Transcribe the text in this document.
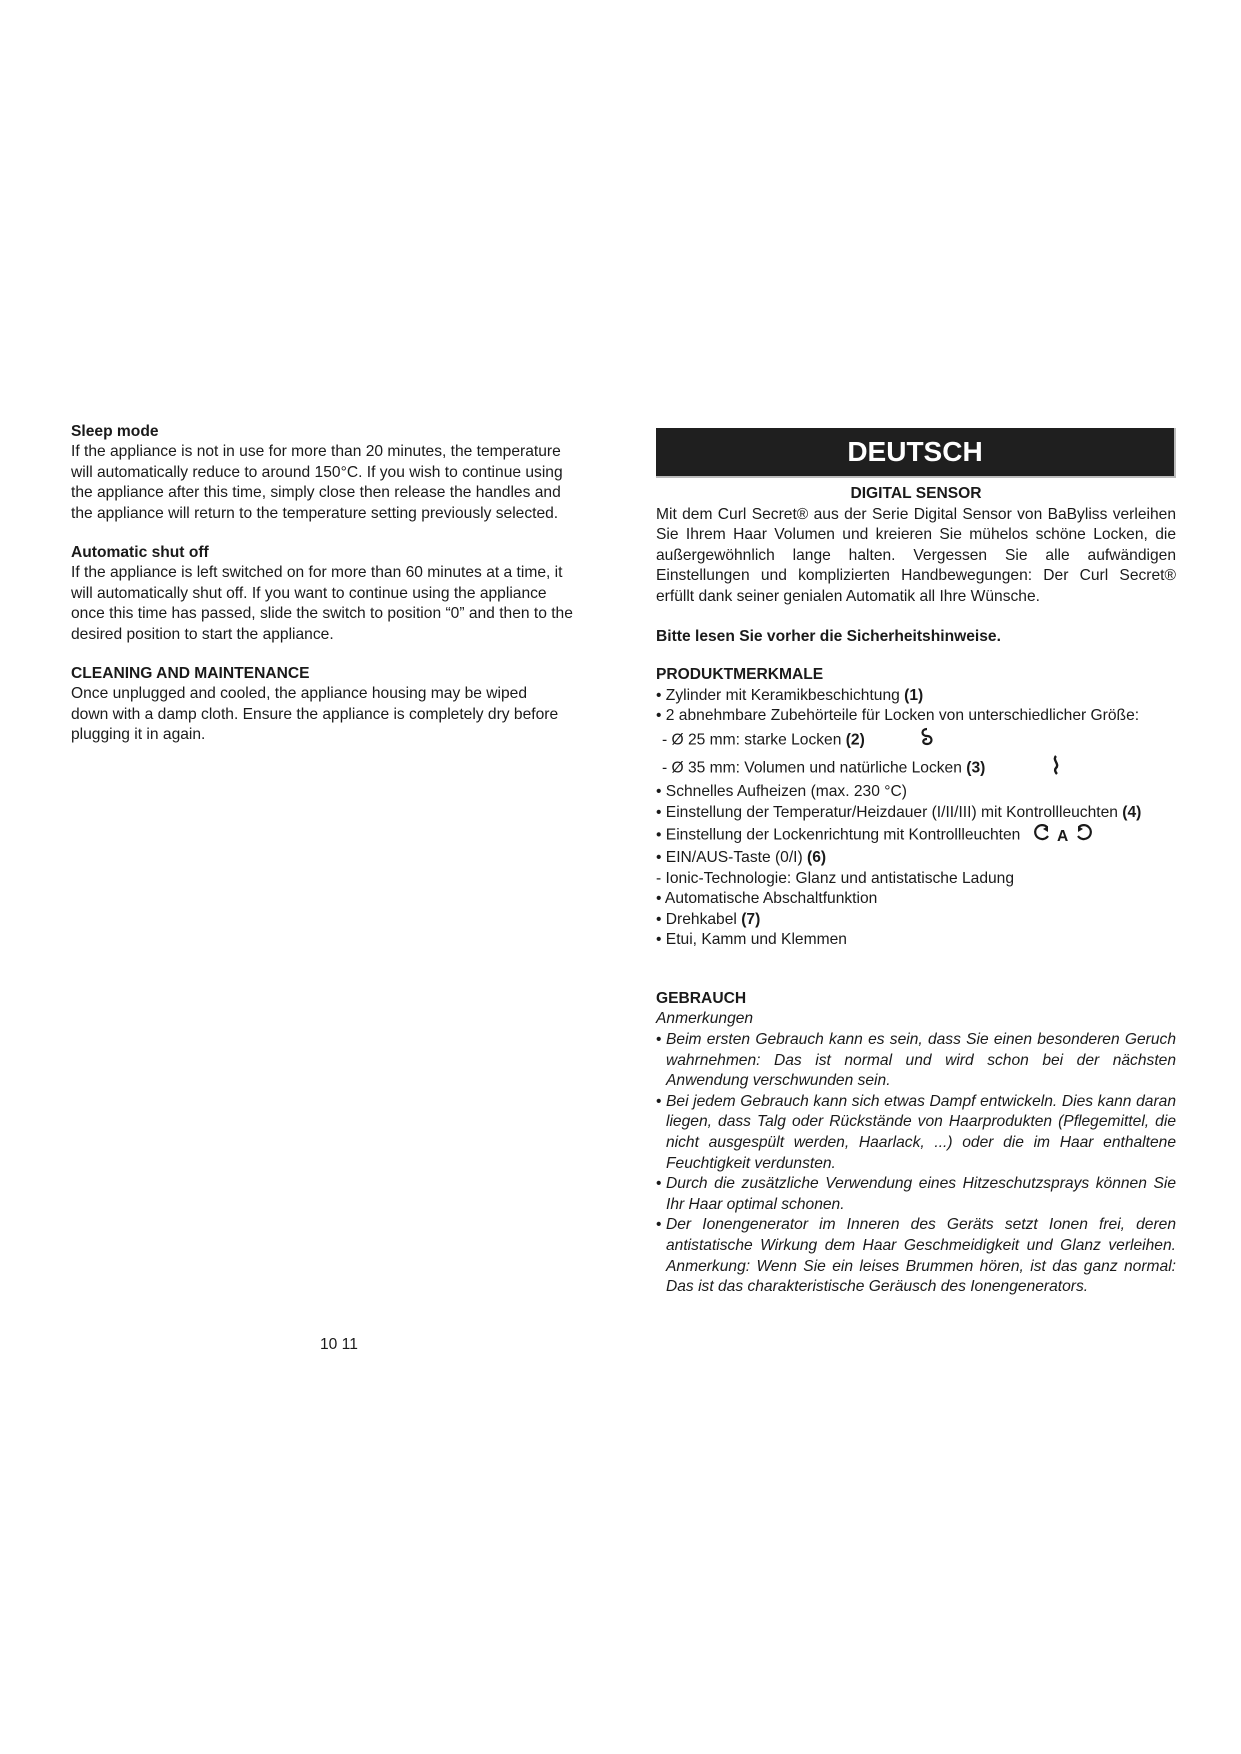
Sleep mode

If the appliance is not in use for more than 20 minutes, the temperature

will automatically reduce to around 150°C. If you wish to continue using

the appliance after this time, simply close then release the handles and

the appliance will return to the temperature setting previously selected.

Automatic shut off

If the appliance is left switched on for more than 60 minutes at a time, it

will automatically shut off. If you want to continue using the appliance

once this time has passed, slide the switch to position “0” and then to the

desired position to start the appliance.

CLEANING AND MAINTENANCE

Once unplugged and cooled, the appliance housing may be wiped

down with a damp cloth. Ensure the appliance is completely dry before

plugging it in again.

DEUTSCH

DIGITAL SENSOR

Mit dem Curl Secret® aus der Serie Digital Sensor von BaByliss verleihen Sie Ihrem Haar Volumen und kreieren Sie mühelos schöne Locken, die außergewöhnlich lange halten. Vergessen Sie alle aufwändigen Einstellungen und komplizierten Handbewegungen: Der Curl Secret® erfüllt dank seiner genialen Automatik all Ihre Wünsche.

Bitte lesen Sie vorher die Sicherheitshinweise.

PRODUKTMERKMALE

• Zylinder mit Keramikbeschichtung (1)
• 2 abnehmbare Zubehörteile für Locken von unterschiedlicher Größe:
- Ø 25 mm: starke Locken (2)
- Ø 35 mm: Volumen und natürliche Locken (3)
• Schnelles Aufheizen (max. 230 °C)
• Einstellung der Temperatur/Heizdauer (I/II/III) mit Kontrollleuchten (4)
• Einstellung der Lockenrichtung mit Kontrollleuchten A
• EIN/AUS-Taste (0/I) (6)
- Ionic-Technologie: Glanz und antistatische Ladung
• Automatische Abschaltfunktion
• Drehkabel (7)
• Etui, Kamm und Klemmen

GEBRAUCH

Anmerkungen

• Beim ersten Gebrauch kann es sein, dass Sie einen besonderen Geruch wahrnehmen: Das ist normal und wird schon bei der nächsten Anwendung verschwunden sein.
• Bei jedem Gebrauch kann sich etwas Dampf entwickeln. Dies kann daran liegen, dass Talg oder Rückstände von Haarprodukten (Pflegemittel, die nicht ausgespült werden, Haarlack, ...) oder die im Haar enthaltene Feuchtigkeit verdunsten.
• Durch die zusätzliche Verwendung eines Hitzeschutzsprays können Sie Ihr Haar optimal schonen.
• Der Ionengenerator im Inneren des Geräts setzt Ionen frei, deren antistatische Wirkung dem Haar Geschmeidigkeit und Glanz verleihen. Anmerkung: Wenn Sie ein leises Brummen hören, ist das ganz normal: Das ist das charakteristische Geräusch des Ionengenerators.
10 11
